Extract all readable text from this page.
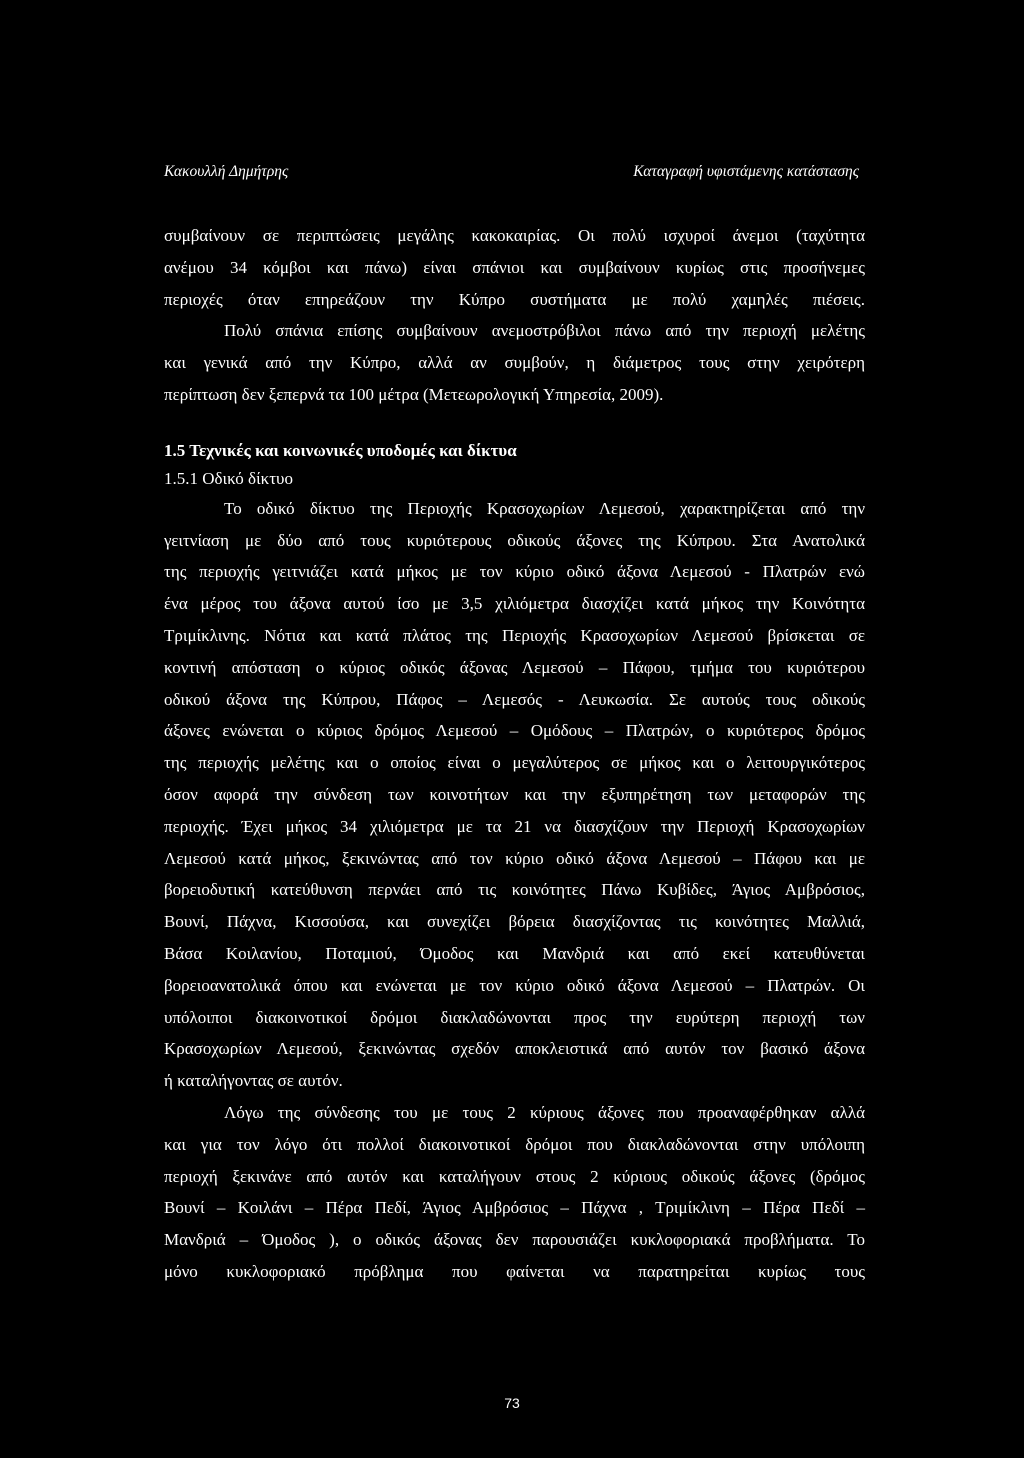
Κακουλλή Δημήτρης	Καταγραφή υφιστάμενης κατάστασης
συμβαίνουν σε περιπτώσεις μεγάλης κακοκαιρίας. Οι πολύ ισχυροί άνεμοι (ταχύτητα
ανέμου 34 κόμβοι και πάνω) είναι σπάνιοι και συμβαίνουν κυρίως στις προσήνεμες
περιοχές όταν επηρεάζουν την Κύπρο συστήματα με πολύ χαμηλές πιέσεις.
Πολύ σπάνια επίσης συμβαίνουν ανεμοστρόβιλοι πάνω από την περιοχή μελέτης
και γενικά από την Κύπρο, αλλά αν συμβούν, η διάμετρος τους στην χειρότερη
περίπτωση δεν ξεπερνά τα 100 μέτρα (Μετεωρολογική Υπηρεσία, 2009).
1.5 Τεχνικές και κοινωνικές υποδομές και δίκτυα
1.5.1 Οδικό δίκτυο
Το οδικό δίκτυο της Περιοχής Κρασοχωρίων Λεμεσού, χαρακτηρίζεται από την
γειτνίαση με δύο από τους κυριότερους οδικούς άξονες της Κύπρου. Στα Ανατολικά
της περιοχής γειτνιάζει κατά μήκος με τον κύριο οδικό άξονα Λεμεσού - Πλατρών ενώ
ένα μέρος του άξονα αυτού ίσο με 3,5 χιλιόμετρα διασχίζει κατά μήκος την Κοινότητα
Τριμίκλινης. Νότια και κατά πλάτος της Περιοχής Κρασοχωρίων Λεμεσού βρίσκεται σε
κοντινή απόσταση ο κύριος οδικός άξονας Λεμεσού – Πάφου, τμήμα του κυριότερου
οδικού άξονα της Κύπρου, Πάφος – Λεμεσός - Λευκωσία. Σε αυτούς τους οδικούς
άξονες ενώνεται ο κύριος δρόμος Λεμεσού – Ομόδους – Πλατρών, ο κυριότερος δρόμος
της περιοχής μελέτης και ο οποίος είναι ο μεγαλύτερος σε μήκος και ο λειτουργικότερος
όσον αφορά την σύνδεση των κοινοτήτων και την εξυπηρέτηση των μεταφορών της
περιοχής. Έχει μήκος 34 χιλιόμετρα με τα 21 να διασχίζουν την Περιοχή Κρασοχωρίων
Λεμεσού κατά μήκος, ξεκινώντας από τον κύριο οδικό άξονα Λεμεσού – Πάφου και με
βορειοδυτική κατεύθυνση περνάει από τις κοινότητες Πάνω Κυβίδες, Άγιος Αμβρόσιος,
Βουνί, Πάχνα, Κισσούσα, και συνεχίζει βόρεια διασχίζοντας τις κοινότητες Μαλλιά,
Βάσα Κοιλανίου, Ποταμιού, Όμοδος και Μανδριά και από εκεί κατευθύνεται
βορειοανατολικά όπου και ενώνεται με τον κύριο οδικό άξονα Λεμεσού – Πλατρών. Οι
υπόλοιποι διακοινοτικοί δρόμοι διακλαδώνονται προς την ευρύτερη περιοχή των
Κρασοχωρίων Λεμεσού, ξεκινώντας σχεδόν αποκλειστικά από αυτόν τον βασικό άξονα
ή καταλήγοντας σε αυτόν.
Λόγω της σύνδεσης του με τους 2 κύριους άξονες που προαναφέρθηκαν αλλά
και για τον λόγο ότι πολλοί διακοινοτικοί δρόμοι που διακλαδώνονται στην υπόλοιπη
περιοχή ξεκινάνε από αυτόν και καταλήγουν στους 2 κύριους οδικούς άξονες (δρόμος
Βουνί – Κοιλάνι – Πέρα Πεδί, Άγιος Αμβρόσιος – Πάχνα , Τριμίκλινη – Πέρα Πεδί –
Μανδριά – Όμοδος ), ο οδικός άξονας δεν παρουσιάζει κυκλοφοριακά προβλήματα. Το
μόνο κυκλοφοριακό πρόβλημα που φαίνεται να παρατηρείται κυρίως τους
73
